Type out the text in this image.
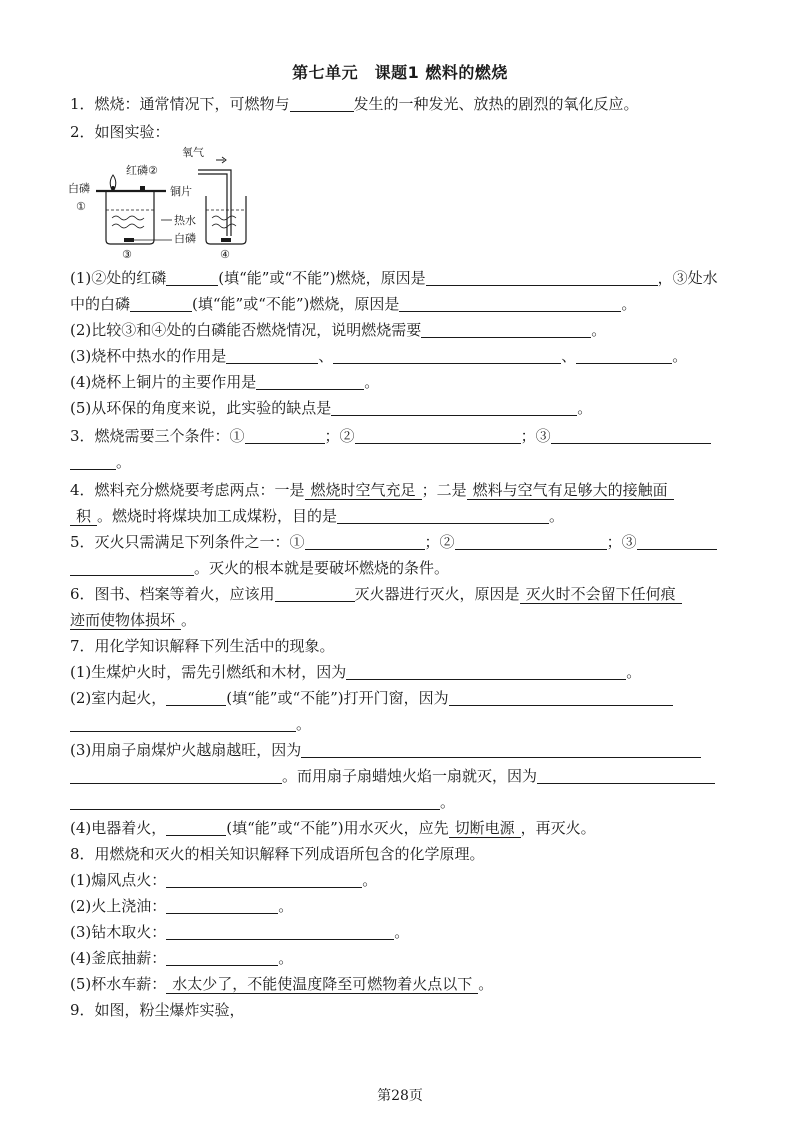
第七单元　课题1 燃料的燃烧
1．燃烧：通常情况下，可燃物与	发生的一种发光、放热的剧烈的氧化反应。
2．如图实验：
氧气
红磷②
白磷
①
铜片
热水
白磷
③	④
(1)②处的红磷	(填“能”或“不能”)燃烧，原因是	，③处水
中的白磷	(填“能”或“不能”)燃烧，原因是	。
(2)比较③和④处的白磷能否燃烧情况，说明燃烧需要	。
(3)烧杯中热水的作用是	、	、	。
(4)烧杯上铜片的主要作用是	。
(5)从环保的角度来说，此实验的缺点是	。
3．燃烧需要三个条件：①	；②	；③
。
4．燃料充分燃烧要考虑两点：一是 燃烧时空气充足 ；二是 燃料与空气有足够大的接触面
积 。燃烧时将煤块加工成煤粉，目的是	。
5．灭火只需满足下列条件之一：①	；②	；③
。灭火的根本就是要破坏燃烧的条件。
6．图书、档案等着火，应该用	灭火器进行灭火，原因是 灭火时不会留下任何痕
迹而使物体损坏 。
7．用化学知识解释下列生活中的现象。
(1)生煤炉火时，需先引燃纸和木材，因为	。
(2)室内起火，	(填“能”或“不能”)打开门窗，因为
。
(3)用扇子扇煤炉火越扇越旺，因为
。而用扇子扇蜡烛火焰一扇就灭，因为
。
(4)电器着火，	(填“能”或“不能”)用水灭火，应先 切断电源 ，再灭火。
8．用燃烧和灭火的相关知识解释下列成语所包含的化学原理。
(1)煽风点火：	。
(2)火上浇油：	。
(3)钻木取火：	。
(4)釜底抽薪：	。
(5)杯水车薪： 水太少了，不能使温度降至可燃物着火点以下 。
9．如图，粉尘爆炸实验，
第28页
